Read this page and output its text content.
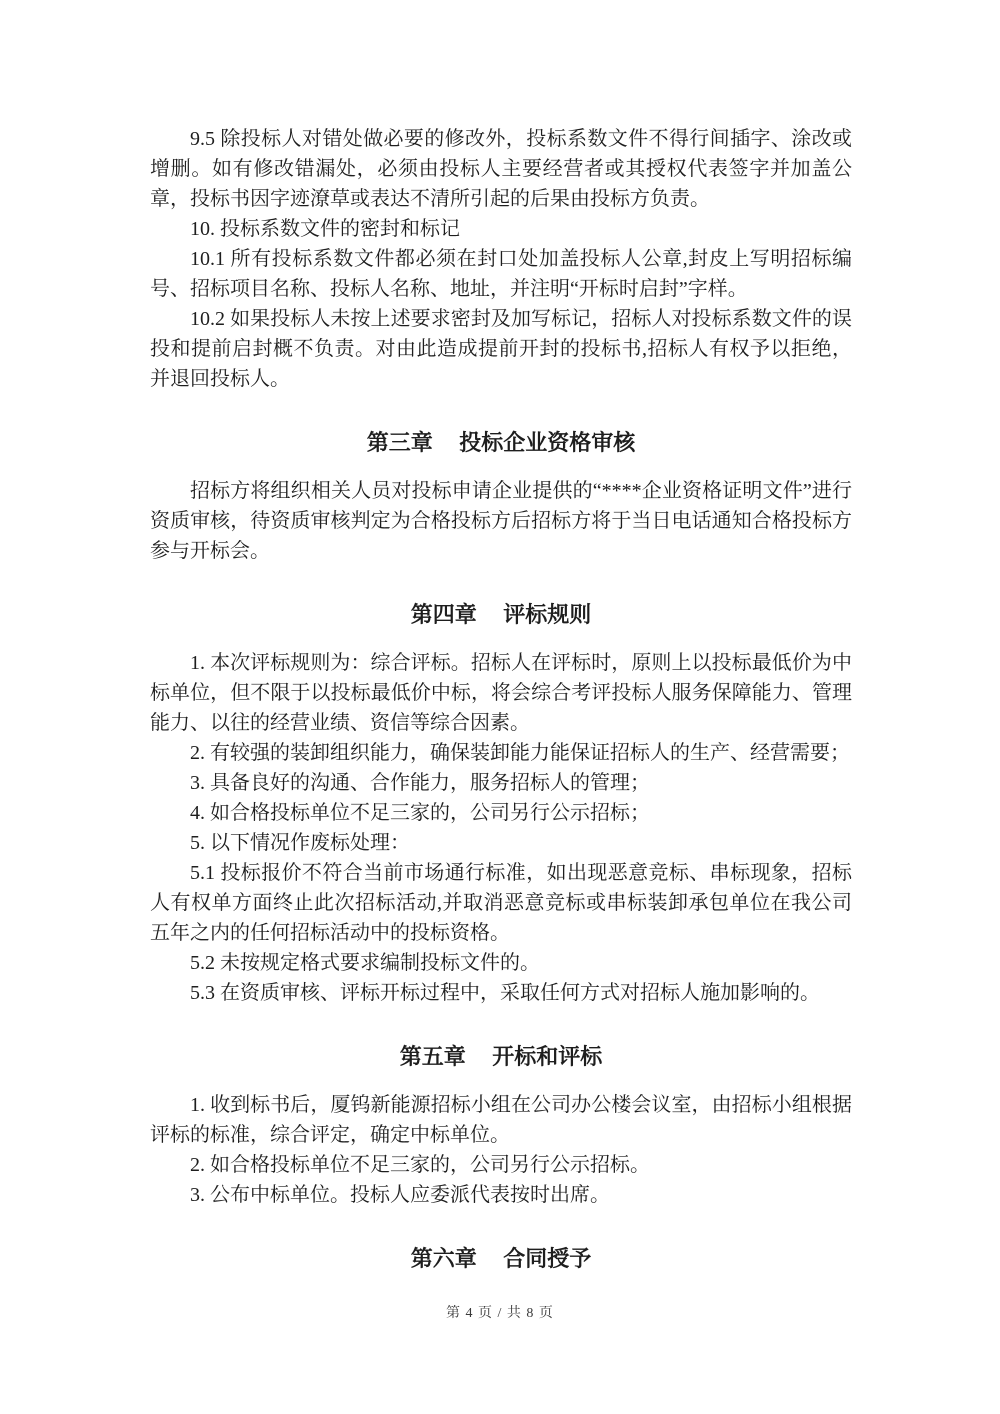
9.5 除投标人对错处做必要的修改外，投标系数文件不得行间插字、涂改或增删。如有修改错漏处，必须由投标人主要经营者或其授权代表签字并加盖公章，投标书因字迹潦草或表达不清所引起的后果由投标方负责。

10. 投标系数文件的密封和标记

10.1 所有投标系数文件都必须在封口处加盖投标人公章,封皮上写明招标编号、招标项目名称、投标人名称、地址，并注明“开标时启封”字样。

10.2 如果投标人未按上述要求密封及加写标记，招标人对投标系数文件的误投和提前启封概不负责。对由此造成提前开封的投标书,招标人有权予以拒绝，并退回投标人。

第三章 投标企业资格审核

招标方将组织相关人员对投标申请企业提供的“****企业资格证明文件”进行资质审核，待资质审核判定为合格投标方后招标方将于当日电话通知合格投标方参与开标会。

第四章 评标规则

1. 本次评标规则为：综合评标。招标人在评标时，原则上以投标最低价为中标单位，但不限于以投标最低价中标，将会综合考评投标人服务保障能力、管理能力、以往的经营业绩、资信等综合因素。

2. 有较强的装卸组织能力，确保装卸能力能保证招标人的生产、经营需要；

3. 具备良好的沟通、合作能力，服务招标人的管理；

4. 如合格投标单位不足三家的，公司另行公示招标；

5. 以下情况作废标处理：

5.1 投标报价不符合当前市场通行标准，如出现恶意竞标、串标现象，招标人有权单方面终止此次招标活动,并取消恶意竞标或串标装卸承包单位在我公司五年之内的任何招标活动中的投标资格。

5.2 未按规定格式要求编制投标文件的。

5.3 在资质审核、评标开标过程中，采取任何方式对招标人施加影响的。

第五章 开标和评标

1. 收到标书后，厦钨新能源招标小组在公司办公楼会议室，由招标小组根据评标的标准，综合评定，确定中标单位。

2. 如合格投标单位不足三家的，公司另行公示招标。

3. 公布中标单位。投标人应委派代表按时出席。

第六章 合同授予
第 4 页 / 共 8 页
